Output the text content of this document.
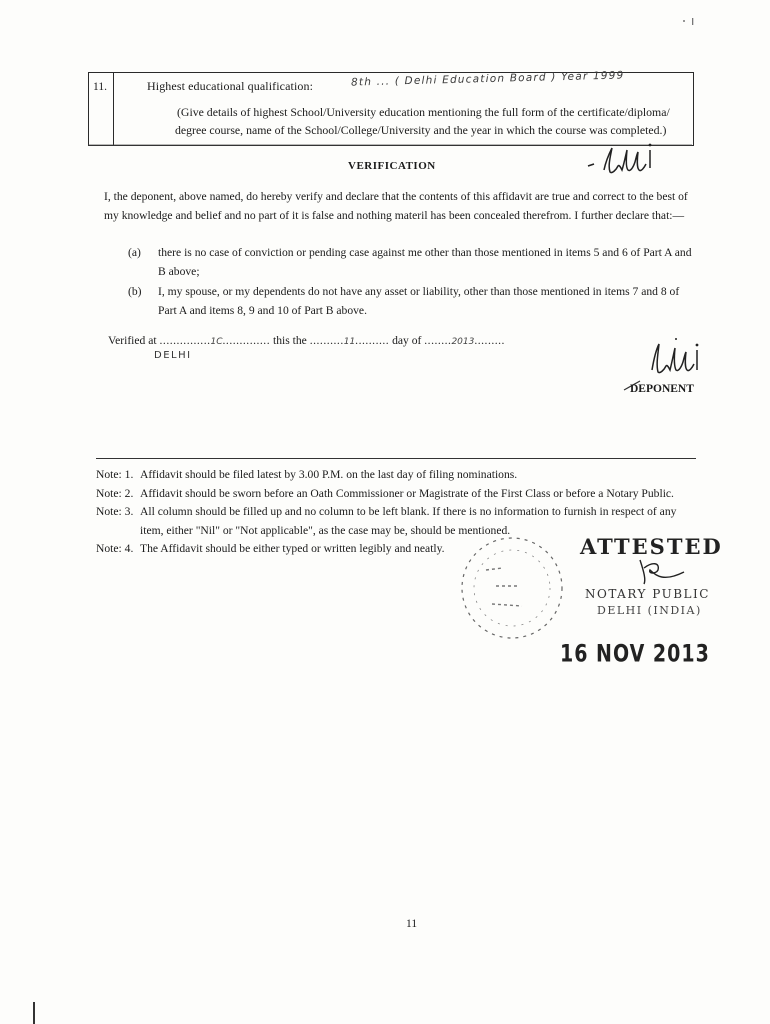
11.	Highest educational qualification:	8th ... ( Delhi Education Board ) Year 1999
(Give details of highest School/University education mentioning the full form of the certificate/diploma/
degree course, name of the School/College/University and the year in which the course was completed.)
VERIFICATION
I, the deponent, above named, do hereby verify and declare that the contents of this affidavit are true and correct to the best of my knowledge and belief and no part of it is false and nothing materil has been concealed therefrom. I further declare that:—
(a) there is no case of conviction or pending case against me other than those mentioned in items 5 and 6 of Part A and B above;
(b) I, my spouse, or my dependents do not have any asset or liability, other than those mentioned in items 7 and 8 of Part A and items 8, 9 and 10 of Part B above.
Verified at ...............1C.............. this the ..........11.......... day of ........2013.........
DELHI
DEPONENT
Note: 1. Affidavit should be filed latest by 3.00 P.M. on the last day of filing nominations.
Note: 2. Affidavit should be sworn before an Oath Commissioner or Magistrate of the First Class or before a Notary Public.
Note: 3. All column should be filled up and no column to be left blank. If there is no information to furnish in respect of any item, either "Nil" or "Not applicable", as the case may be, should be mentioned.
Note: 4. The Affidavit should be either typed or written legibly and neatly.	ATTESTED
NOTARY PUBLIC
DELHI (INDIA)
16 NOV 2013
11
